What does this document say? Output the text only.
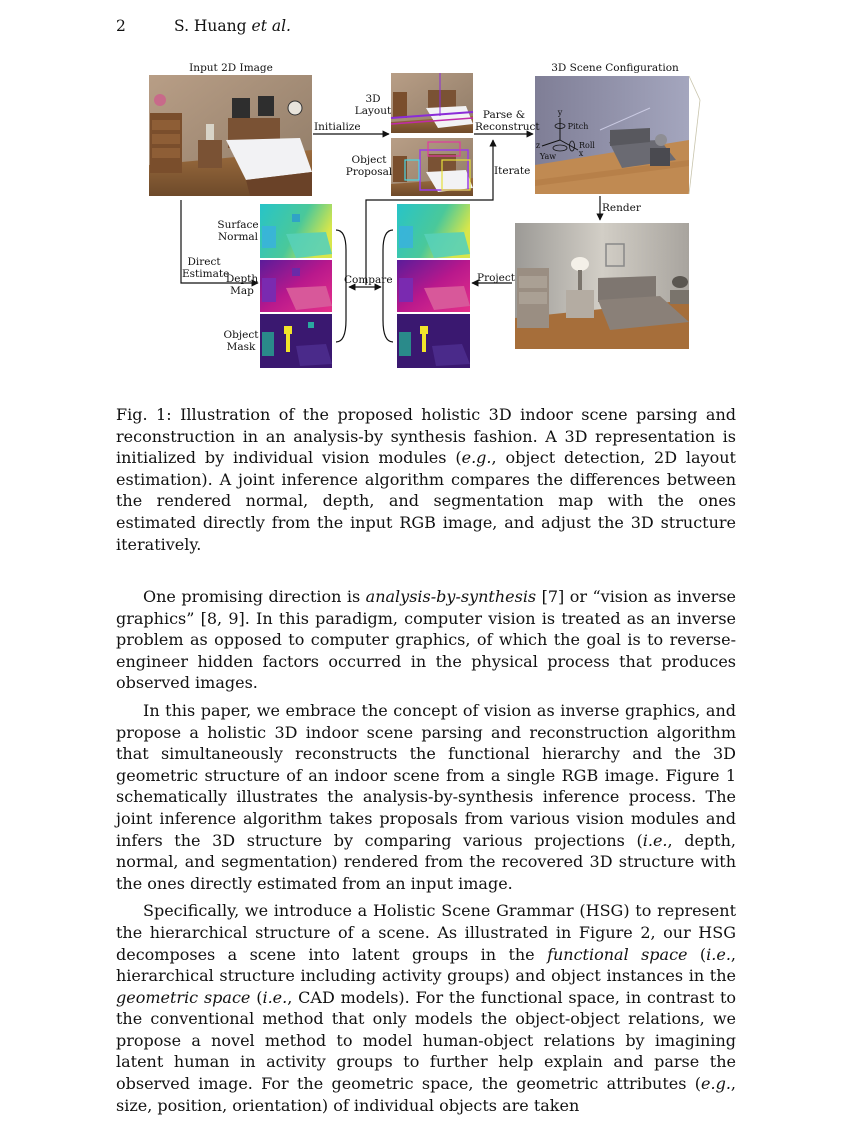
2	S. Huang et al.
Input 2D Image	3D Scene Configuration
3D
Layout
Initialize
Object
Proposal
Parse &
Reconstruct
Iterate
Render
Surface
Normal
Direct
Estimate
Depth
Map
Compare	Project
Object
Mask
y
z
x
Pitch
Roll
Yaw

Fig. 1: Illustration of the proposed holistic 3D indoor scene parsing and reconstruction in an analysis-by synthesis fashion. A 3D representation is initialized by individual vision modules (e.g., object detection, 2D layout estimation). A joint inference algorithm compares the differences between the rendered normal, depth, and segmentation map with the ones estimated directly from the input RGB image, and adjust the 3D structure iteratively.

One promising direction is analysis-by-synthesis [7] or “vision as inverse graphics” [8, 9]. In this paradigm, computer vision is treated as an inverse problem as opposed to computer graphics, of which the goal is to reverse-engineer hidden factors occurred in the physical process that produces observed images.

In this paper, we embrace the concept of vision as inverse graphics, and propose a holistic 3D indoor scene parsing and reconstruction algorithm that simultaneously reconstructs the functional hierarchy and the 3D geometric structure of an indoor scene from a single RGB image. Figure 1 schematically illustrates the analysis-by-synthesis inference process. The joint inference algorithm takes proposals from various vision modules and infers the 3D structure by comparing various projections (i.e., depth, normal, and segmentation) rendered from the recovered 3D structure with the ones directly estimated from an input image.

Specifically, we introduce a Holistic Scene Grammar (HSG) to represent the hierarchical structure of a scene. As illustrated in Figure 2, our HSG decomposes a scene into latent groups in the functional space (i.e., hierarchical structure including activity groups) and object instances in the geometric space (i.e., CAD models). For the functional space, in contrast to the conventional method that only models the object-object relations, we propose a novel method to model human-object relations by imagining latent human in activity groups to further help explain and parse the observed image. For the geometric space, the geometric attributes (e.g., size, position, orientation) of individual objects are taken
